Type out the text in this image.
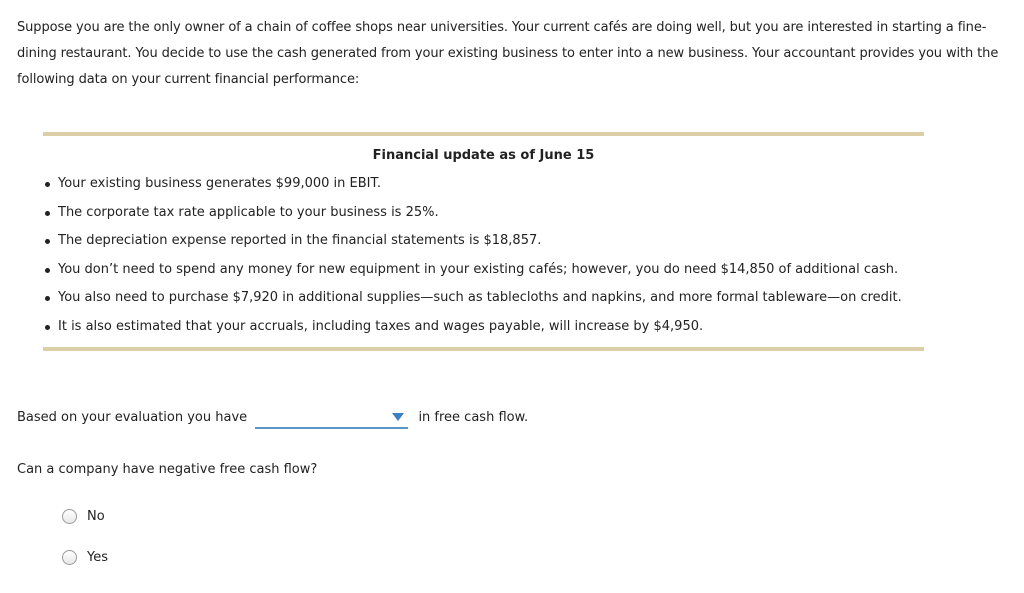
Suppose you are the only owner of a chain of coffee shops near universities. Your current cafés are doing well, but you are interested in starting a fine-dining restaurant. You decide to use the cash generated from your existing business to enter into a new business. Your accountant provides you with the following data on your current financial performance:

Financial update as of June 15

Your existing business generates $99,000 in EBIT.
The corporate tax rate applicable to your business is 25%.
The depreciation expense reported in the financial statements is $18,857.
You don’t need to spend any money for new equipment in your existing cafés; however, you do need $14,850 of additional cash.
You also need to purchase $7,920 in additional supplies—such as tablecloths and napkins, and more formal tableware—on credit.
It is also estimated that your accruals, including taxes and wages payable, will increase by $4,950.
Based on your evaluation you have	in free cash flow.

Can a company have negative free cash flow?

No
Yes
